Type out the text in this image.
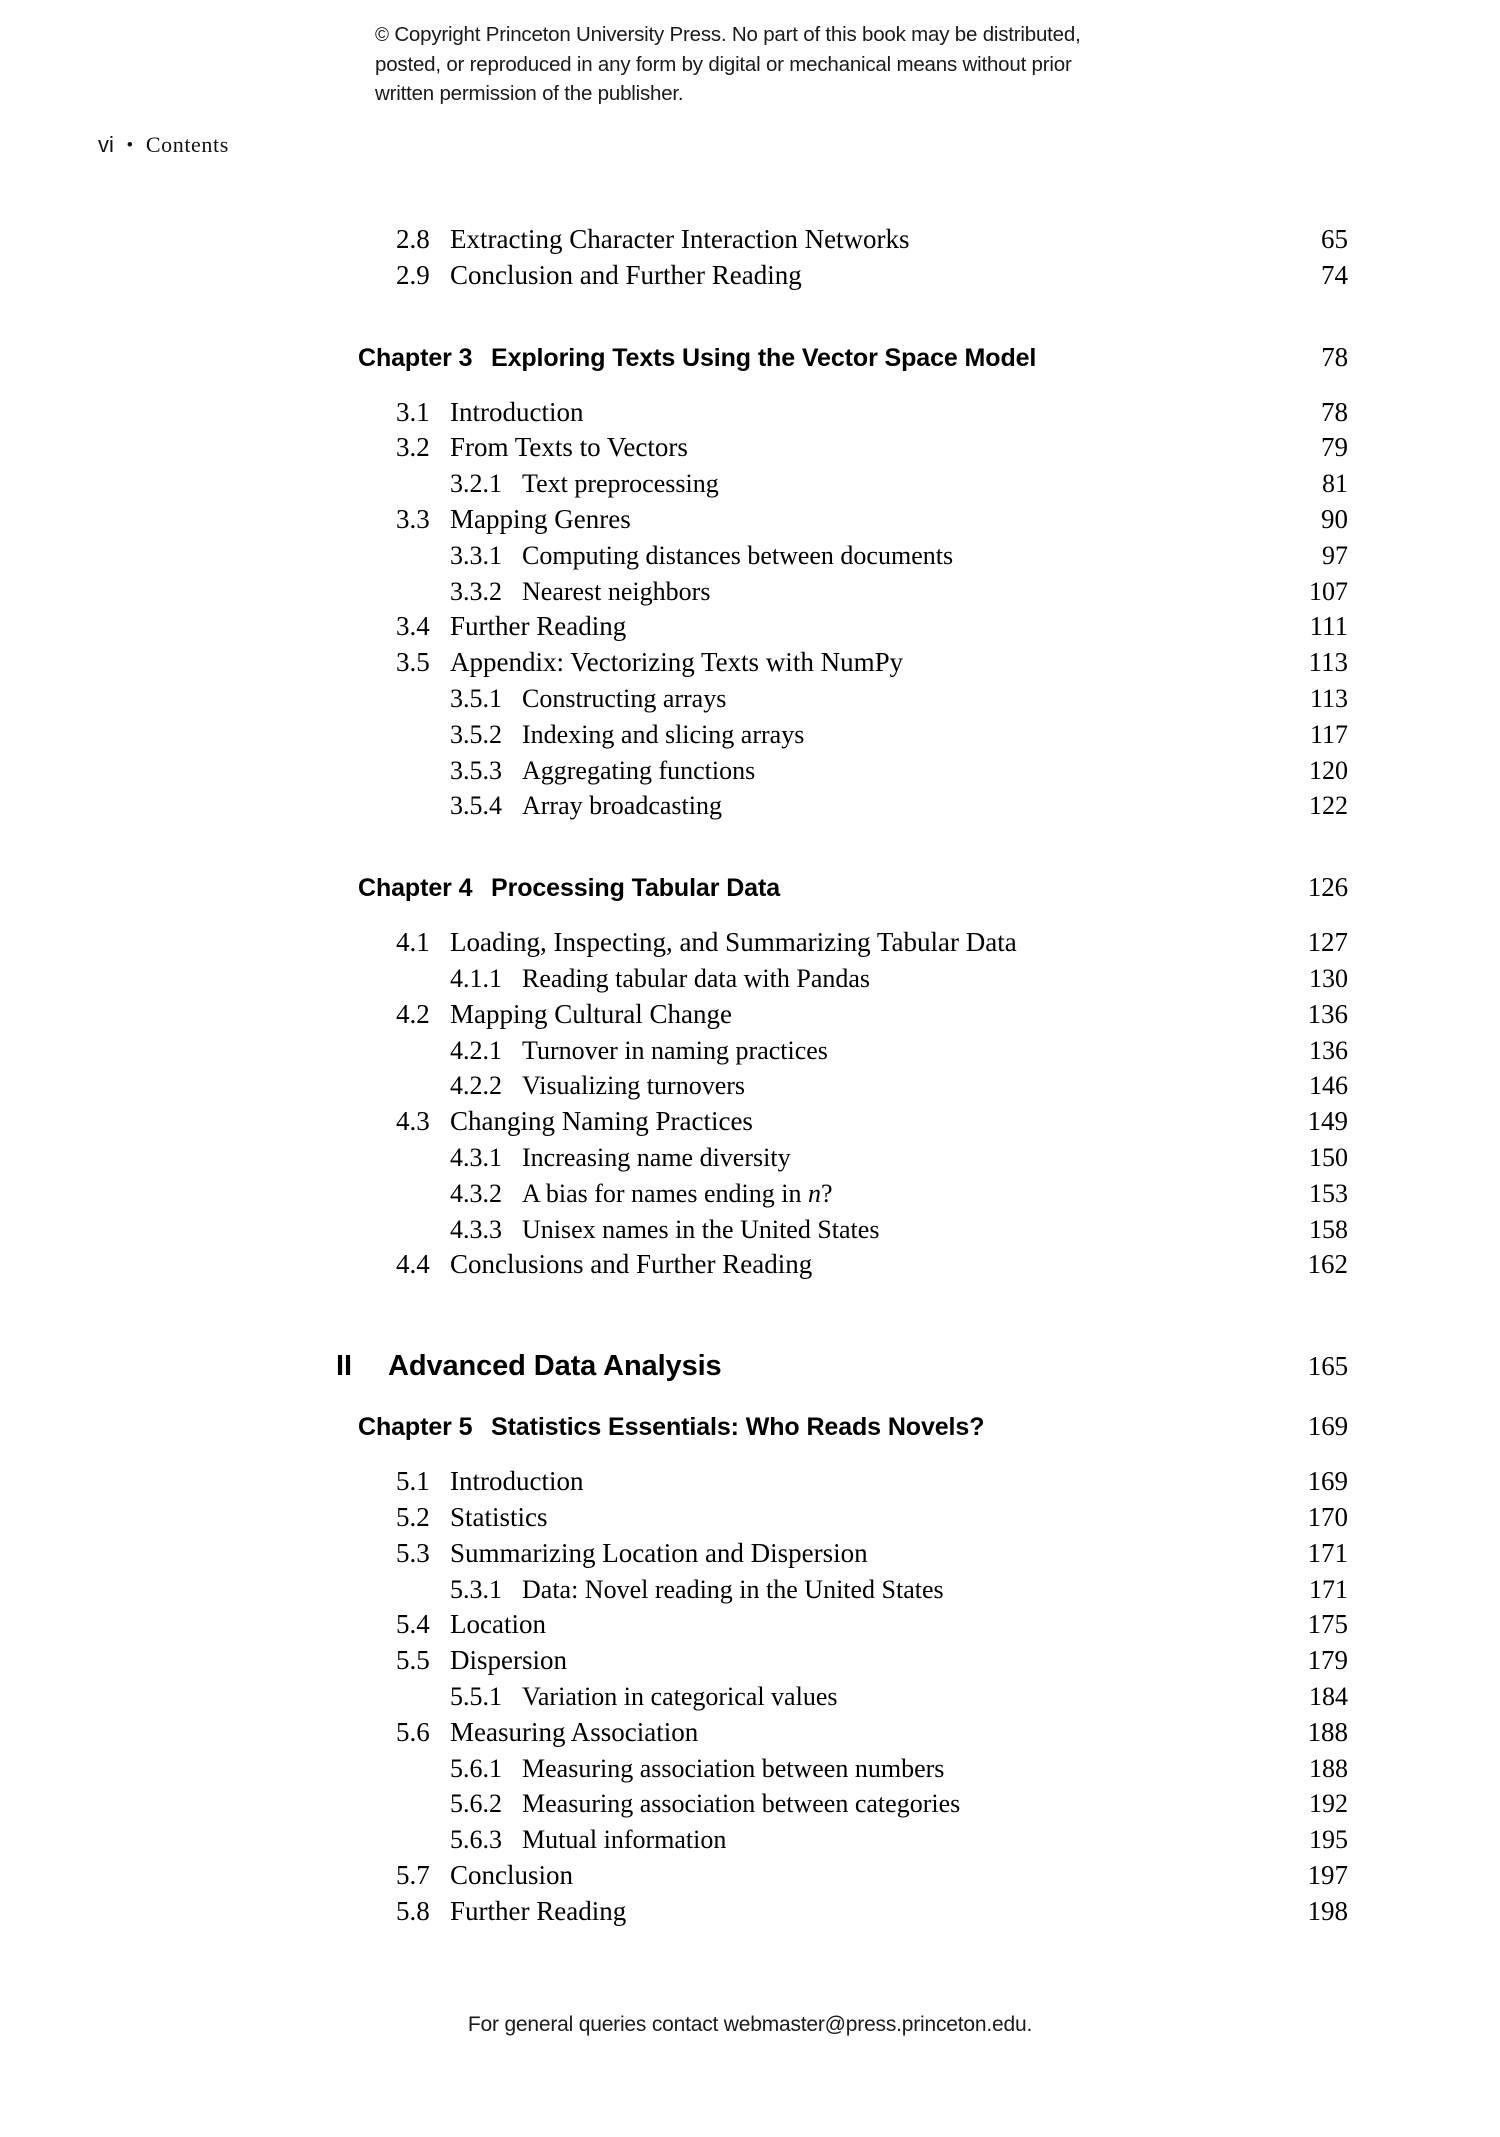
© Copyright Princeton University Press. No part of this book may be distributed, posted, or reproduced in any form by digital or mechanical means without prior written permission of the publisher.
vi • Contents
2.8 Extracting Character Interaction Networks	65
2.9 Conclusion and Further Reading	74
Chapter 3 Exploring Texts Using the Vector Space Model	78
3.1 Introduction	78
3.2 From Texts to Vectors	79
3.2.1 Text preprocessing	81
3.3 Mapping Genres	90
3.3.1 Computing distances between documents	97
3.3.2 Nearest neighbors	107
3.4 Further Reading	111
3.5 Appendix: Vectorizing Texts with NumPy	113
3.5.1 Constructing arrays	113
3.5.2 Indexing and slicing arrays	117
3.5.3 Aggregating functions	120
3.5.4 Array broadcasting	122
Chapter 4 Processing Tabular Data	126
4.1 Loading, Inspecting, and Summarizing Tabular Data	127
4.1.1 Reading tabular data with Pandas	130
4.2 Mapping Cultural Change	136
4.2.1 Turnover in naming practices	136
4.2.2 Visualizing turnovers	146
4.3 Changing Naming Practices	149
4.3.1 Increasing name diversity	150
4.3.2 A bias for names ending in n?	153
4.3.3 Unisex names in the United States	158
4.4 Conclusions and Further Reading	162
II	Advanced Data Analysis	165
Chapter 5 Statistics Essentials: Who Reads Novels?	169
5.1 Introduction	169
5.2 Statistics	170
5.3 Summarizing Location and Dispersion	171
5.3.1 Data: Novel reading in the United States	171
5.4 Location	175
5.5 Dispersion	179
5.5.1 Variation in categorical values	184
5.6 Measuring Association	188
5.6.1 Measuring association between numbers	188
5.6.2 Measuring association between categories	192
5.6.3 Mutual information	195
5.7 Conclusion	197
5.8 Further Reading	198
For general queries contact webmaster@press.princeton.edu.
